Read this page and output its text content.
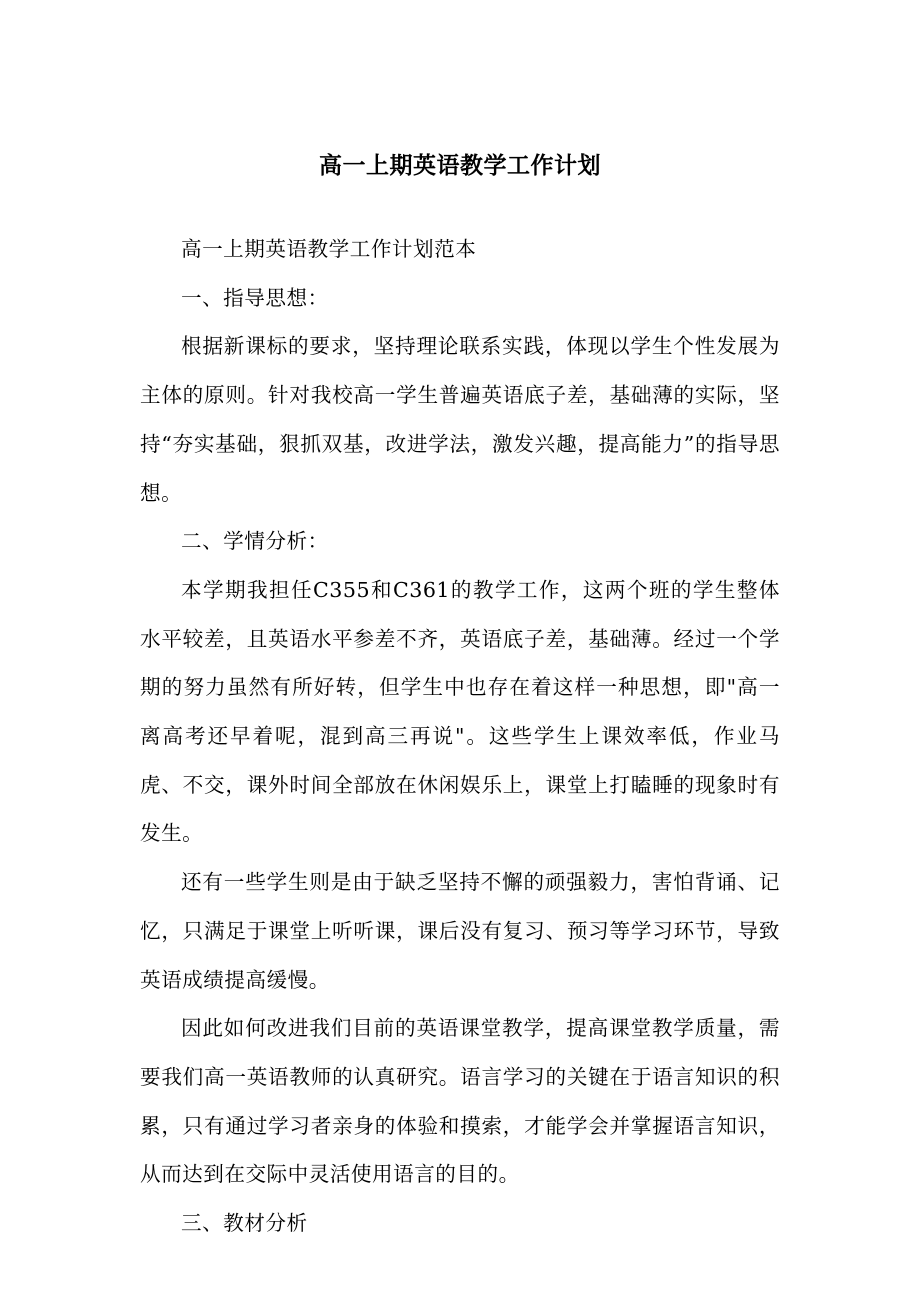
高一上期英语教学工作计划

高一上期英语教学工作计划范本

一、指导思想：

根据新课标的要求，坚持理论联系实践，体现以学生个性发展为主体的原则。针对我校高一学生普遍英语底子差，基础薄的实际，坚持“夯实基础，狠抓双基，改进学法，激发兴趣，提高能力”的指导思想。

二、学情分析：

本学期我担任C355和C361的教学工作，这两个班的学生整体水平较差，且英语水平参差不齐，英语底子差，基础薄。经过一个学期的努力虽然有所好转，但学生中也存在着这样一种思想，即"高一离高考还早着呢，混到高三再说"。这些学生上课效率低，作业马虎、不交，课外时间全部放在休闲娱乐上，课堂上打瞌睡的现象时有发生。

还有一些学生则是由于缺乏坚持不懈的顽强毅力，害怕背诵、记忆，只满足于课堂上听听课，课后没有复习、预习等学习环节，导致英语成绩提高缓慢。

因此如何改进我们目前的英语课堂教学，提高课堂教学质量，需要我们高一英语教师的认真研究。语言学习的关键在于语言知识的积累，只有通过学习者亲身的体验和摸索，才能学会并掌握语言知识，从而达到在交际中灵活使用语言的目的。

三、教材分析
